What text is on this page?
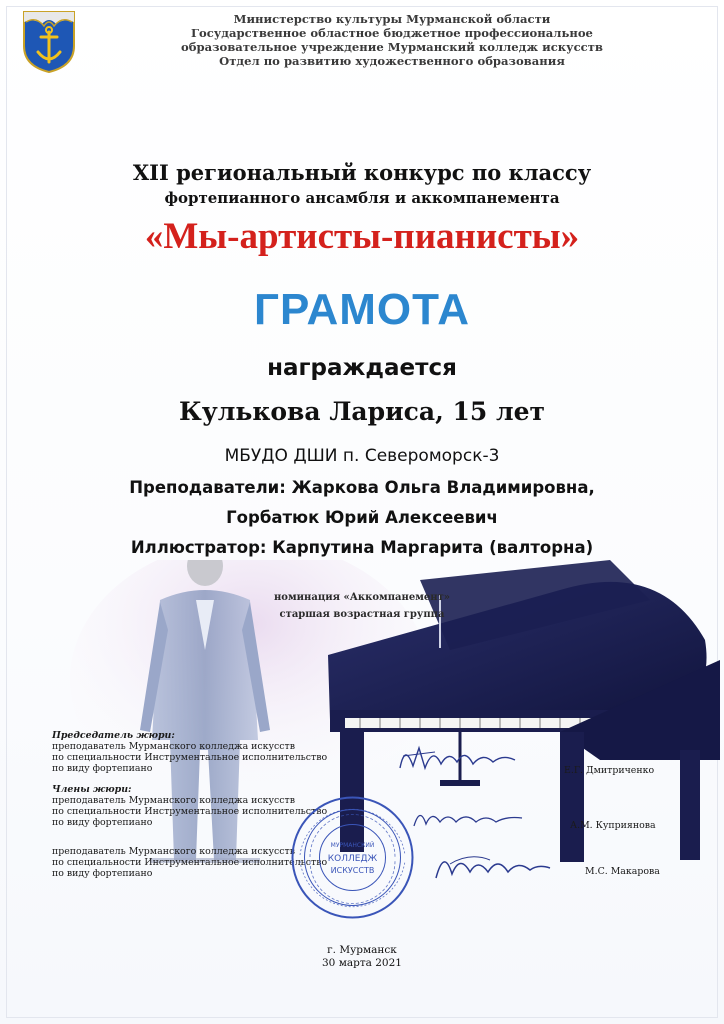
Министерство культуры Мурманской области
Государственное областное бюджетное профессиональное
образовательное учреждение Мурманский колледж искусств
Отдел по развитию художественного образования
XII региональный конкурс по классу
фортепианного ансамбля и аккомпанемента
«Мы-артисты-пианисты»
ГРАМОТА
награждается
Кулькова Лариса, 15 лет
МБУДО ДШИ п. Североморск-3
Преподаватели: Жаркова Ольга Владимировна,
Горбатюк Юрий Алексеевич
Иллюстратор: Карпутина Маргарита (валторна)
номинация «Аккомпанемент»
старшая возрастная группа
Председатель жюри:
преподаватель Мурманского колледжа искусств
по специальности Инструментальное исполнительство
по виду фортепиано	Е.Г. Дмитриченко
Члены жюри:
преподаватель Мурманского колледжа искусств
по специальности Инструментальное исполнительство
по виду фортепиано	А.М. Куприянова
преподаватель Мурманского колледжа искусств
по специальности Инструментальное исполнительство
по виду фортепиано	М.С. Макарова
МУРМАНСКИЙ
КОЛЛЕДЖ
ИСКУССТВ
г. Мурманск
30 марта 2021
